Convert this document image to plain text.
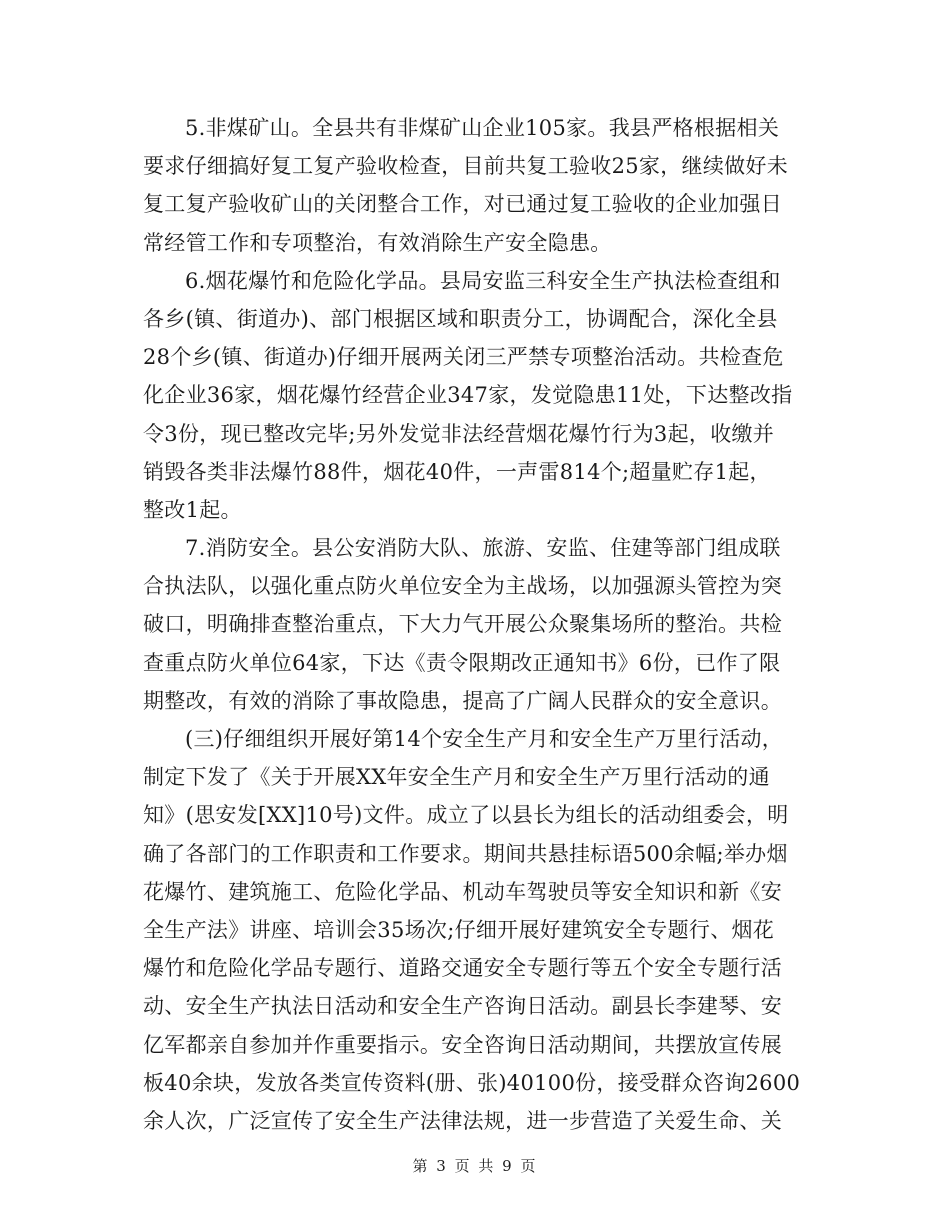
5.非煤矿山。全县共有非煤矿山企业105家。我县严格根据相关
要求仔细搞好复工复产验收检查，目前共复工验收25家，继续做好未
复工复产验收矿山的关闭整合工作，对已通过复工验收的企业加强日
常经管工作和专项整治，有效消除生产安全隐患。
6.烟花爆竹和危险化学品。县局安监三科安全生产执法检查组和
各乡(镇、街道办)、部门根据区域和职责分工，协调配合，深化全县
28个乡(镇、街道办)仔细开展两关闭三严禁专项整治活动。共检查危
化企业36家，烟花爆竹经营企业347家，发觉隐患11处，下达整改指
令3份，现已整改完毕;另外发觉非法经营烟花爆竹行为3起，收缴并
销毁各类非法爆竹88件，烟花40件，一声雷814个;超量贮存1起，
整改1起。
7.消防安全。县公安消防大队、旅游、安监、住建等部门组成联
合执法队，以强化重点防火单位安全为主战场，以加强源头管控为突
破口，明确排查整治重点，下大力气开展公众聚集场所的整治。共检
查重点防火单位64家，下达《责令限期改正通知书》6份，已作了限
期整改，有效的消除了事故隐患，提高了广阔人民群众的安全意识。
(三)仔细组织开展好第14个安全生产月和安全生产万里行活动，
制定下发了《关于开展XX年安全生产月和安全生产万里行活动的通
知》(思安发[XX]10号)文件。成立了以县长为组长的活动组委会，明
确了各部门的工作职责和工作要求。期间共悬挂标语500余幅;举办烟
花爆竹、建筑施工、危险化学品、机动车驾驶员等安全知识和新《安
全生产法》讲座、培训会35场次;仔细开展好建筑安全专题行、烟花
爆竹和危险化学品专题行、道路交通安全专题行等五个安全专题行活
动、安全生产执法日活动和安全生产咨询日活动。副县长李建琴、安
亿军都亲自参加并作重要指示。安全咨询日活动期间，共摆放宣传展
板40余块，发放各类宣传资料(册、张)40100份，接受群众咨询2600
余人次，广泛宣传了安全生产法律法规，进一步营造了关爱生命、关
第 3 页 共 9 页
